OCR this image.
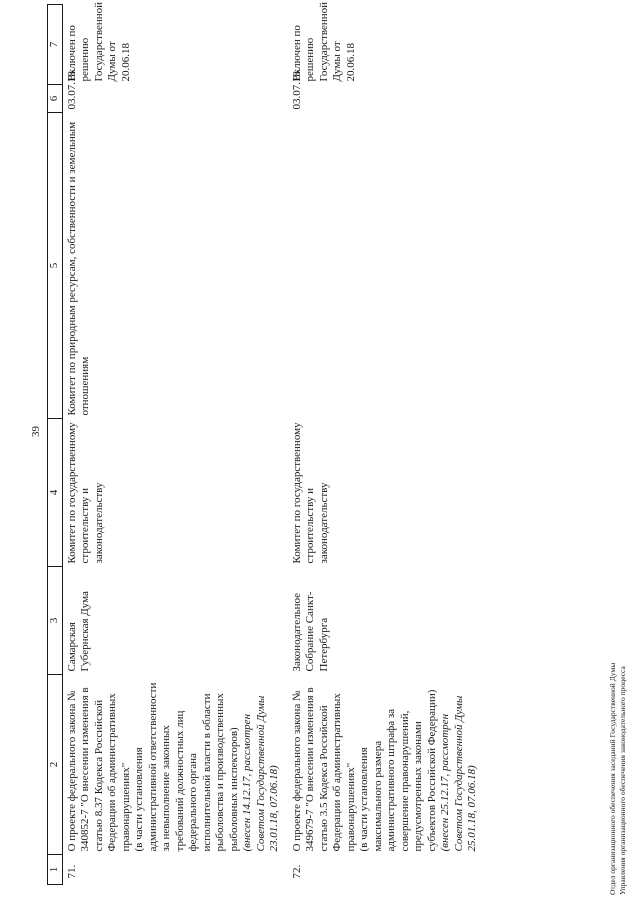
39
1	2	3	4	5	6	7
71.	О проекте федерального закона № 340852-7 "О внесении изменения в статью 8.37 Кодекса Российской Федерации об административных правонарушениях" (в части установления административной ответственности за невыполнение законных требований должностных лиц федерального органа исполнительной власти в области рыболовства и производственных рыболовных инспекторов) (внесен 14.12.17, рассмотрен Советом Государственной Думы 23.01.18, 07.06.18)	Самарская Губернская Дума	Комитет по государственному строительству и законодательству	Комитет по природным ресурсам, собственности и земельным отношениям	03.07.18	Включен по решению Государственной Думы от 20.06.18
72.	О проекте федерального закона № 349679-7 "О внесении изменения в статью 3.5 Кодекса Российской Федерации об административных правонарушениях" (в части установления максимального размера административного штрафа за совершение правонарушений, предусмотренных законами субъектов Российской Федерации) (внесен 25.12.17, рассмотрен Советом Государственной Думы 25.01.18, 07.06.18)	Законодательное Собрание Санкт-Петербурга	Комитет по государственному строительству и законодательству		03.07.18	Включен по решению Государственной Думы от 20.06.18
Отдел организационного обеспечения заседаний Государственной Думы Управления организационного обеспечения законодательного процесса
